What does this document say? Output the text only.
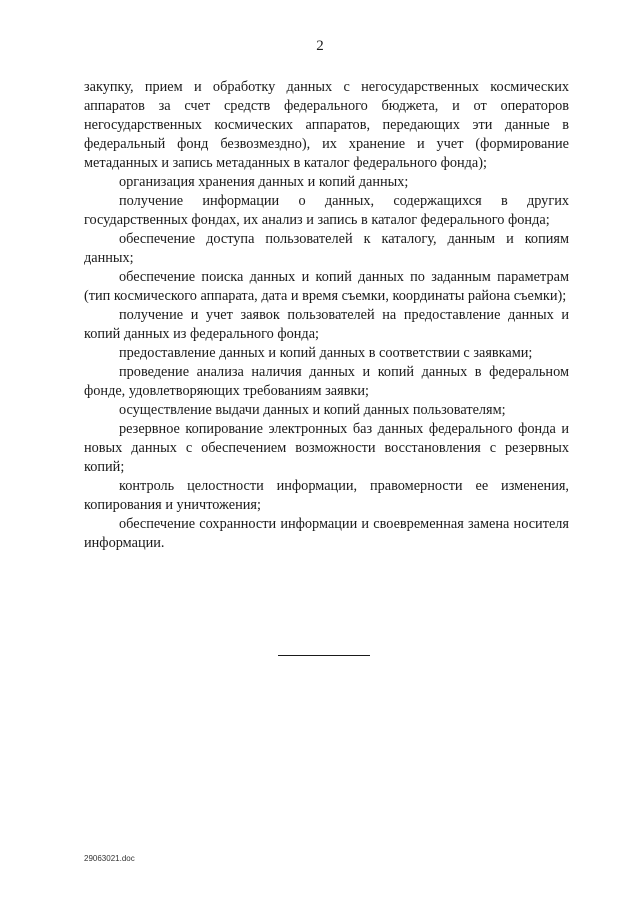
2

закупку, прием и обработку данных с негосударственных космических аппаратов за счет средств федерального бюджета, и от операторов негосударственных космических аппаратов, передающих эти данные в федеральный фонд безвозмездно), их хранение и учет (формирование метаданных и запись метаданных в каталог федерального фонда);

организация хранения данных и копий данных;

получение информации о данных, содержащихся в других государственных фондах, их анализ и запись в каталог федерального фонда;

обеспечение доступа пользователей к каталогу, данным и копиям данных;

обеспечение поиска данных и копий данных по заданным параметрам (тип космического аппарата, дата и время съемки, координаты района съемки);

получение и учет заявок пользователей на предоставление данных и копий данных из федерального фонда;

предоставление данных и копий данных в соответствии с заявками;

проведение анализа наличия данных и копий данных в федеральном фонде, удовлетворяющих требованиям заявки;

осуществление выдачи данных и копий данных пользователям;

резервное копирование электронных баз данных федерального фонда и новых данных с обеспечением возможности восстановления с резервных копий;

контроль целостности информации, правомерности ее изменения, копирования и уничтожения;

обеспечение сохранности информации и своевременная замена носителя информации.

29063021.doc
